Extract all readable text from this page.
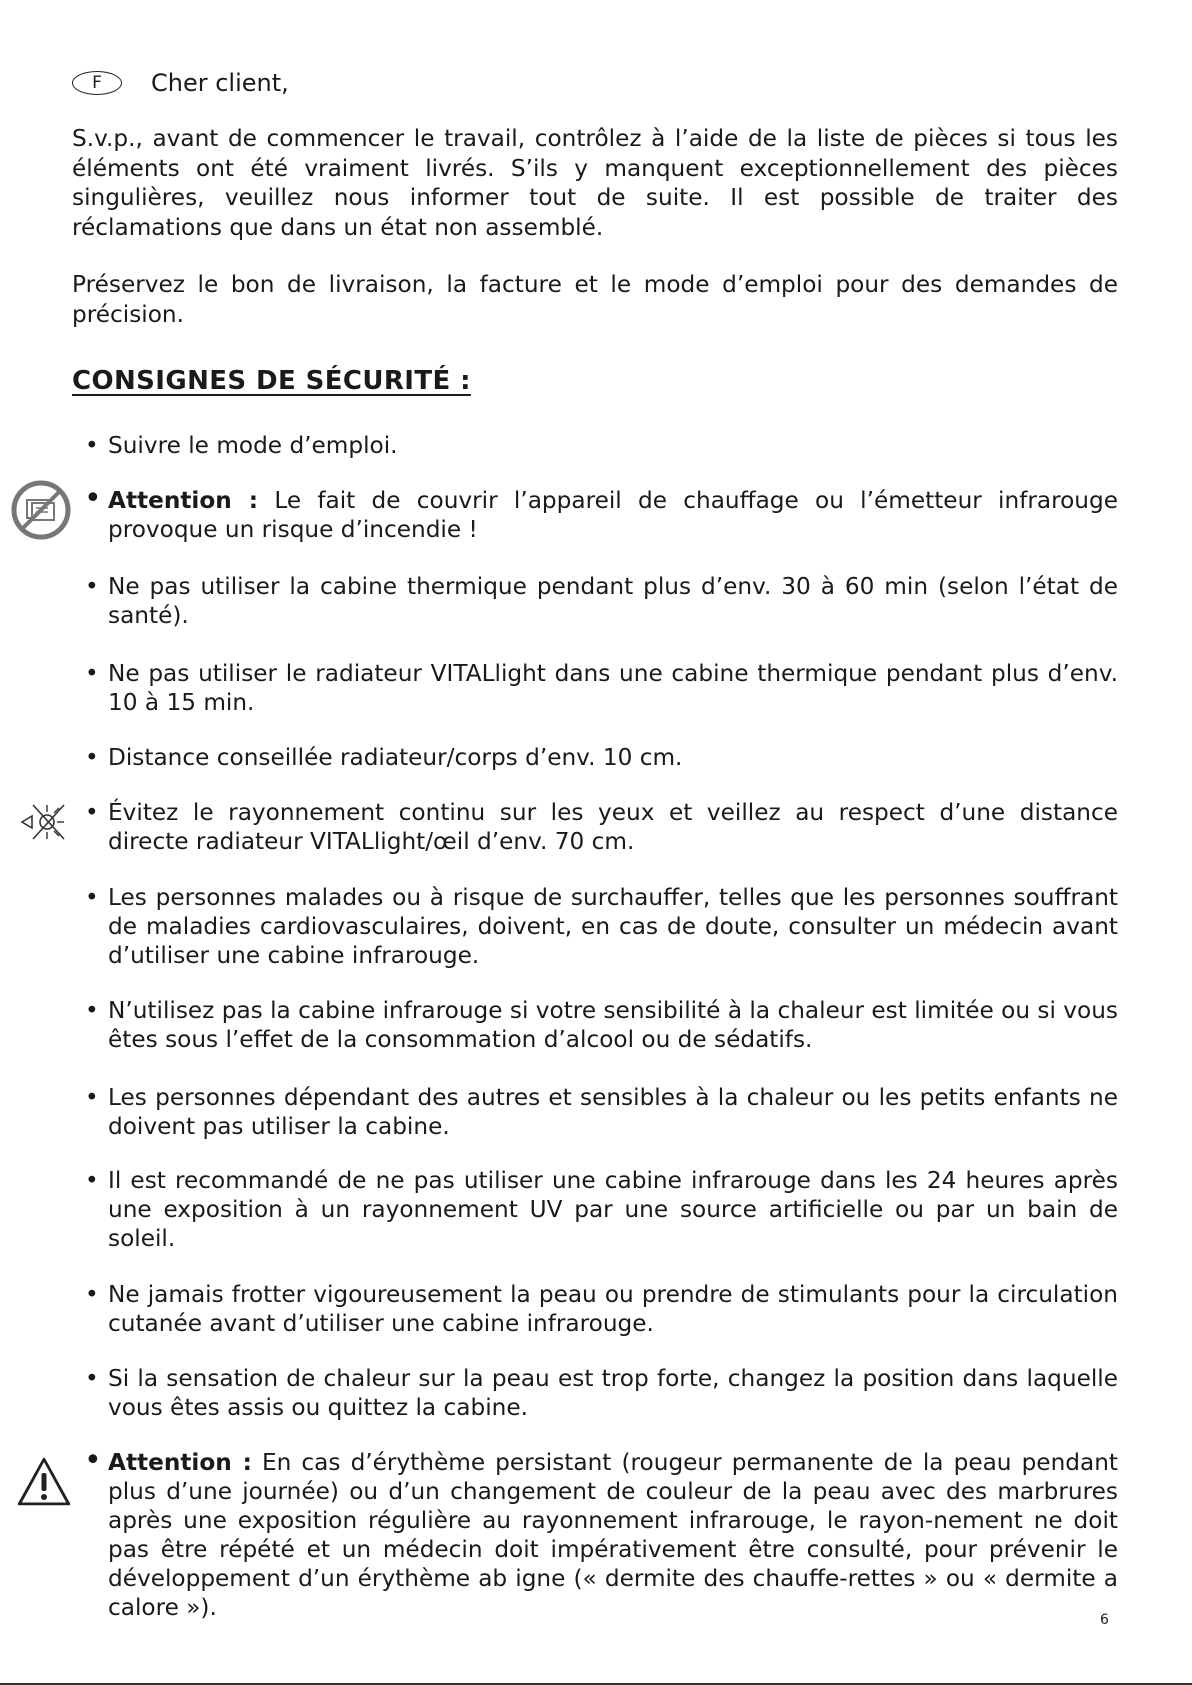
F	Cher client,

S.v.p., avant de commencer le travail, contrôlez à l’aide de la liste de pièces si tous les éléments ont été vraiment livrés. S’ils y manquent exceptionnellement des pièces singulières, veuillez nous informer tout de suite. Il est possible de traiter des réclamations que dans un état non assemblé.

Préservez le bon de livraison, la facture et le mode d’emploi pour des demandes de précision.

CONSIGNES DE SÉCURITÉ :

• Suivre le mode d’emploi.

• Attention : Le fait de couvrir l’appareil de chauffage ou l’émetteur infrarouge provoque un risque d’incendie !

• Ne pas utiliser la cabine thermique pendant plus d’env. 30 à 60 min (selon l’état de santé).

• Ne pas utiliser le radiateur VITALlight dans une cabine thermique pendant plus d’env. 10 à 15 min.

• Distance conseillée radiateur/corps d’env. 10 cm.

• Évitez le rayonnement continu sur les yeux et veillez au respect d’une distance directe radiateur VITALlight/œil d’env. 70 cm.

• Les personnes malades ou à risque de surchauffer, telles que les personnes souffrant de maladies cardiovasculaires, doivent, en cas de doute, consulter un médecin avant d’utiliser une cabine infrarouge.

• N’utilisez pas la cabine infrarouge si votre sensibilité à la chaleur est limitée ou si vous êtes sous l’effet de la consommation d’alcool ou de sédatifs.

• Les personnes dépendant des autres et sensibles à la chaleur ou les petits enfants ne doivent pas utiliser la cabine.

• Il est recommandé de ne pas utiliser une cabine infrarouge dans les 24 heures après une exposition à un rayonnement UV par une source artificielle ou par un bain de soleil.

• Ne jamais frotter vigoureusement la peau ou prendre de stimulants pour la circulation cutanée avant d’utiliser une cabine infrarouge.

• Si la sensation de chaleur sur la peau est trop forte, changez la position dans laquelle vous êtes assis ou quittez la cabine.

• Attention : En cas d’érythème persistant (rougeur permanente de la peau pendant plus d’une journée) ou d’un changement de couleur de la peau avec des marbrures après une exposition régulière au rayonnement infrarouge, le rayon-nement ne doit pas être répété et un médecin doit impérativement être consulté, pour prévenir le développement d’un érythème ab igne (« dermite des chauffe-rettes » ou « dermite a calore »).	6
